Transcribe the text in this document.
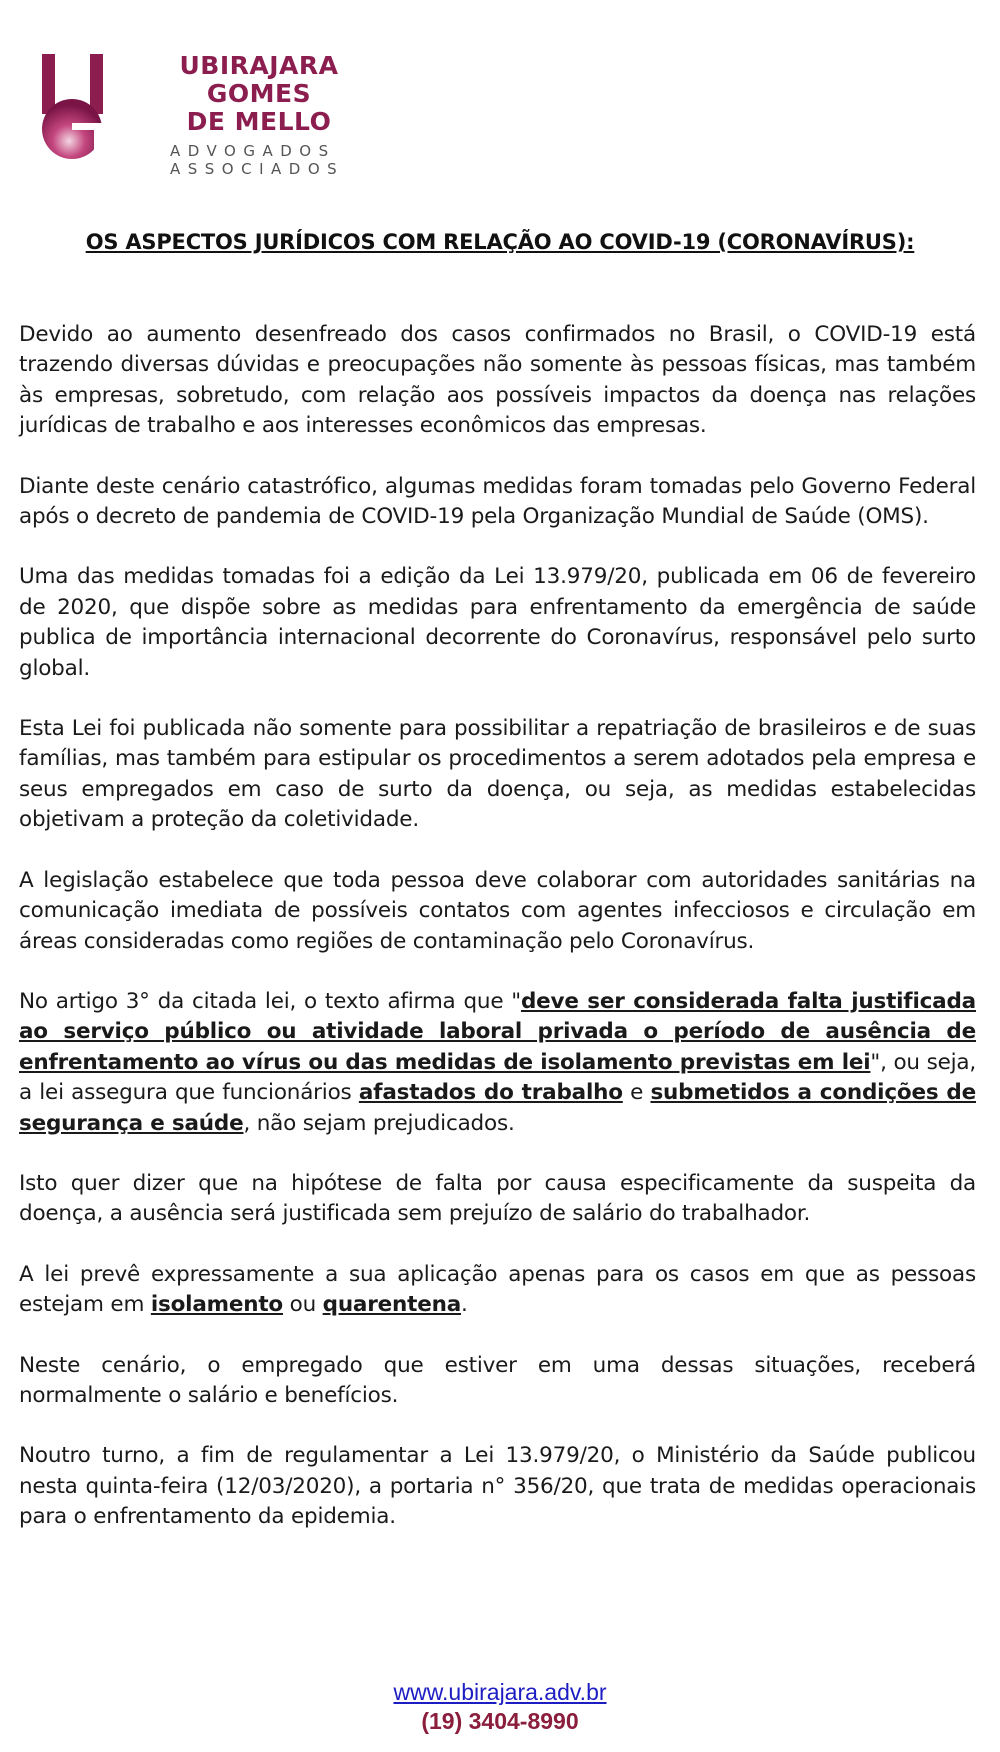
UBIRAJARA
GOMES
DE MELLO
ADVOGADOS
ASSOCIADOS
OS ASPECTOS JURÍDICOS COM RELAÇÃO AO COVID-19 (CORONAVÍRUS):

Devido ao aumento desenfreado dos casos confirmados no Brasil, o COVID-19 está trazendo diversas dúvidas e preocupações não somente às pessoas físicas, mas também às empresas, sobretudo, com relação aos possíveis impactos da doença nas relações jurídicas de trabalho e aos interesses econômicos das empresas.

Diante deste cenário catastrófico, algumas medidas foram tomadas pelo Governo Federal após o decreto de pandemia de COVID-19 pela Organização Mundial de Saúde (OMS).

Uma das medidas tomadas foi a edição da Lei 13.979/20, publicada em 06 de fevereiro de 2020, que dispõe sobre as medidas para enfrentamento da emergência de saúde publica de importância internacional decorrente do Coronavírus, responsável pelo surto global.

Esta Lei foi publicada não somente para possibilitar a repatriação de brasileiros e de suas famílias, mas também para estipular os procedimentos a serem adotados pela empresa e seus empregados em caso de surto da doença, ou seja, as medidas estabelecidas objetivam a proteção da coletividade.

A legislação estabelece que toda pessoa deve colaborar com autoridades sanitárias na comunicação imediata de possíveis contatos com agentes infecciosos e circulação em áreas consideradas como regiões de contaminação pelo Coronavírus.

No artigo 3° da citada lei, o texto afirma que "deve ser considerada falta justificada ao serviço público ou atividade laboral privada o período de ausência de enfrentamento ao vírus ou das medidas de isolamento previstas em lei", ou seja, a lei assegura que funcionários afastados do trabalho e submetidos a condições de segurança e saúde, não sejam prejudicados.

Isto quer dizer que na hipótese de falta por causa especificamente da suspeita da doença, a ausência será justificada sem prejuízo de salário do trabalhador.

A lei prevê expressamente a sua aplicação apenas para os casos em que as pessoas estejam em isolamento ou quarentena.

Neste cenário, o empregado que estiver em uma dessas situações, receberá normalmente o salário e benefícios.

Noutro turno, a fim de regulamentar a Lei 13.979/20, o Ministério da Saúde publicou nesta quinta-feira (12/03/2020), a portaria n° 356/20, que trata de medidas operacionais para o enfrentamento da epidemia.

www.ubirajara.adv.br
(19) 3404-8990
